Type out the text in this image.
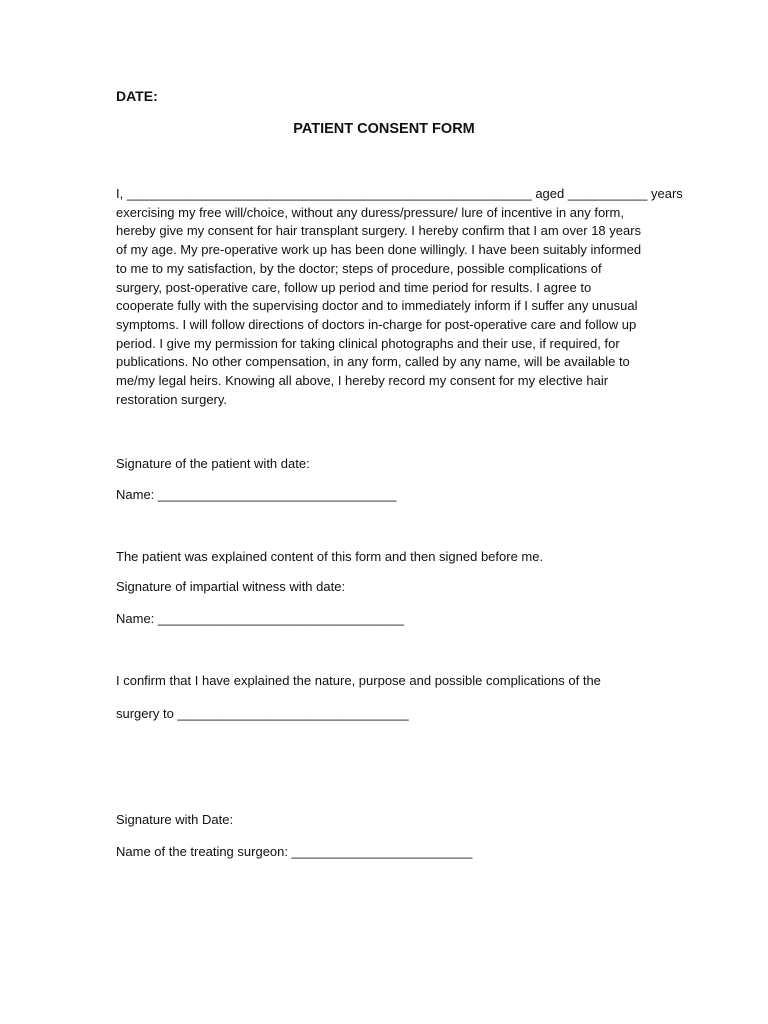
DATE:
PATIENT CONSENT FORM
I, ________________________________________________________ aged ___________ years
exercising my free will/choice, without any duress/pressure/ lure of incentive in any form,
hereby give my consent for hair transplant surgery. I hereby confirm that I am over 18 years
of my age. My pre-operative work up has been done willingly. I have been suitably informed
to me to my satisfaction, by the doctor; steps of procedure, possible complications of
surgery, post-operative care, follow up period and time period for results. I agree to
cooperate fully with the supervising doctor and to immediately inform if I suffer any unusual
symptoms. I will follow directions of doctors in-charge for post-operative care and follow up
period. I give my permission for taking clinical photographs and their use, if required, for
publications. No other compensation, in any form, called by any name, will be available to
me/my legal heirs. Knowing all above, I hereby record my consent for my elective hair
restoration surgery.
Signature of the patient with date:
Name: _________________________________
The patient was explained content of this form and then signed before me.
Signature of impartial witness with date:
Name: __________________________________
I confirm that I have explained the nature, purpose and possible complications of the
surgery to ________________________________
Signature with Date:
Name of the treating surgeon: _________________________
